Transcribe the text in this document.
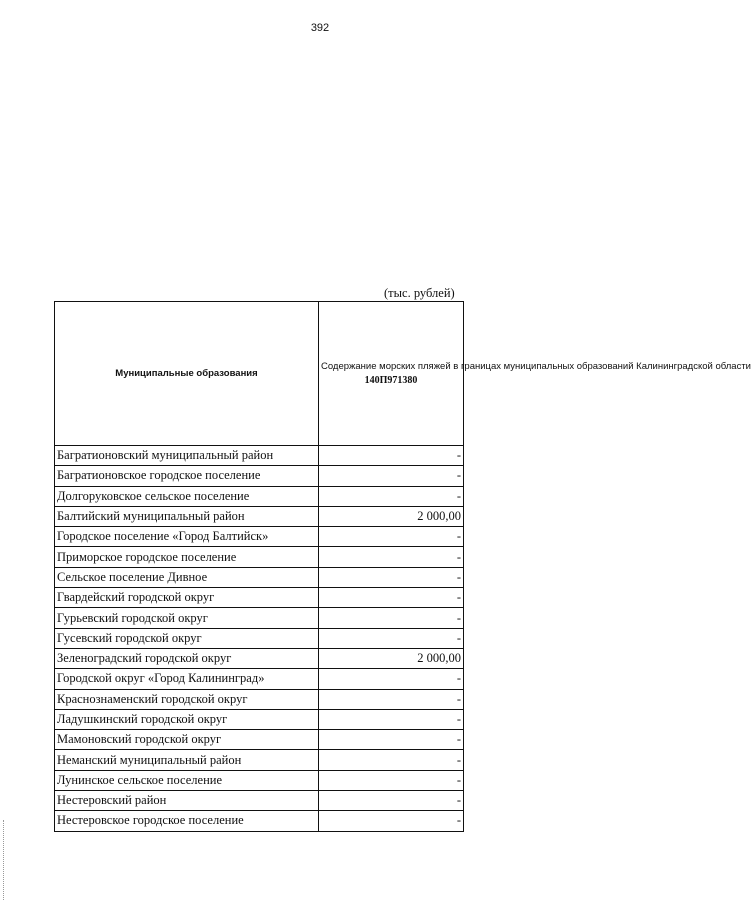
392
(тыс. рублей)
Муниципальные образования	Содержание морских пляжей в границах муниципальных образований Калининградской области
140П971380

Багратионовский муниципальный район	-
Багратионовское городское поселение	-
Долгоруковское сельское поселение	-
Балтийский муниципальный район	2 000,00
Городское поселение «Город Балтийск»	-
Приморское городское поселение	-
Сельское поселение Дивное	-
Гвардейский городской округ	-
Гурьевский городской округ	-
Гусевский городской округ	-
Зеленоградский городской округ	2 000,00
Городской округ «Город Калининград»	-
Краснознаменский городской округ	-
Ладушкинский городской округ	-
Мамоновский городской округ	-
Неманский муниципальный район	-
Лунинское сельское поселение	-
Нестеровский район	-
Нестеровское городское поселение	-
